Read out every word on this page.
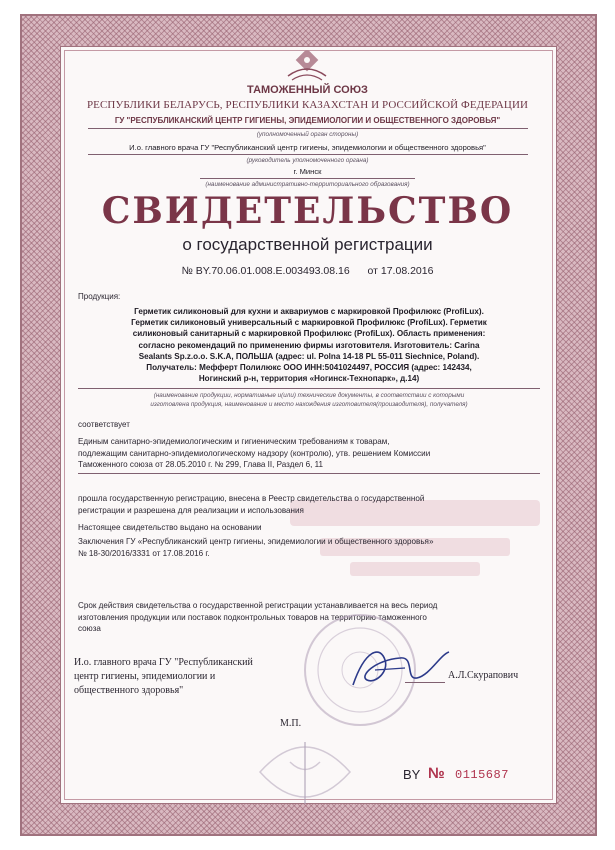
ТАМОЖЕННЫЙ СОЮЗ
РЕСПУБЛИКИ БЕЛАРУСЬ, РЕСПУБЛИКИ КАЗАХСТАН И РОССИЙСКОЙ ФЕДЕРАЦИИ
ГУ "РЕСПУБЛИКАНСКИЙ ЦЕНТР ГИГИЕНЫ, ЭПИДЕМИОЛОГИИ И ОБЩЕСТВЕННОГО ЗДОРОВЬЯ"
(уполномоченный орган стороны)
И.о. главного врача ГУ "Республиканский центр гигиены, эпидемиологии и общественного здоровья"
(руководитель уполномоченного органа)
г. Минск
(наименование административно-территориального образования)
СВИДЕТЕЛЬСТВО
о государственной регистрации
№ BY.70.06.01.008.E.003493.08.16 от 17.08.2016
Продукция:
Герметик силиконовый для кухни и аквариумов с маркировкой Профилюкс (ProfiLux).
Герметик силиконовый универсальный с маркировкой Профилюкс (ProfiLux). Герметик
силиконовый санитарный с маркировкой Профилюкс (ProfiLux). Область применения:
согласно рекомендаций по применению фирмы изготовителя. Изготовитель: Carina
Sealants Sp.z.o.o. S.K.A, ПОЛЬША (адрес: ul. Polna 14-18 PL 55-011 Siechnice, Poland).
Получатель: Мефферт Полилюкс ООО ИНН:5041024497, РОССИЯ (адрес: 142434,
Ногинский р-н, территория «Ногинск-Технопарк», д.14)
(наименование продукции, нормативные и(или) технические документы, в соответствии с которыми
изготовлена продукция, наименование и место нахождения изготовителя(производителя), получателя)
соответствует
Единым санитарно-эпидемиологическим и гигиеническим требованиям к товарам,
подлежащим санитарно-эпидемиологическому надзору (контролю), утв. решением Комиссии
Таможенного союза от 28.05.2010 г. № 299, Глава II, Раздел 6, 11
прошла государственную регистрацию, внесена в Реестр свидетельства о государственной
регистрации и разрешена для реализации и использования
Настоящее свидетельство выдано на основании
Заключения ГУ «Республиканский центр гигиены, эпидемиологии и общественного здоровья»
№ 18-30/2016/3331 от 17.08.2016 г.
Срок действия свидетельства о государственной регистрации устанавливается на весь период
изготовления продукции или поставок подконтрольных товаров на территорию таможенного
союза
И.о. главного врача ГУ "Республиканский
центр гигиены, эпидемиологии и
общественного здоровья"
А.Л.Скурапович
М.П.
BY № 0115687
